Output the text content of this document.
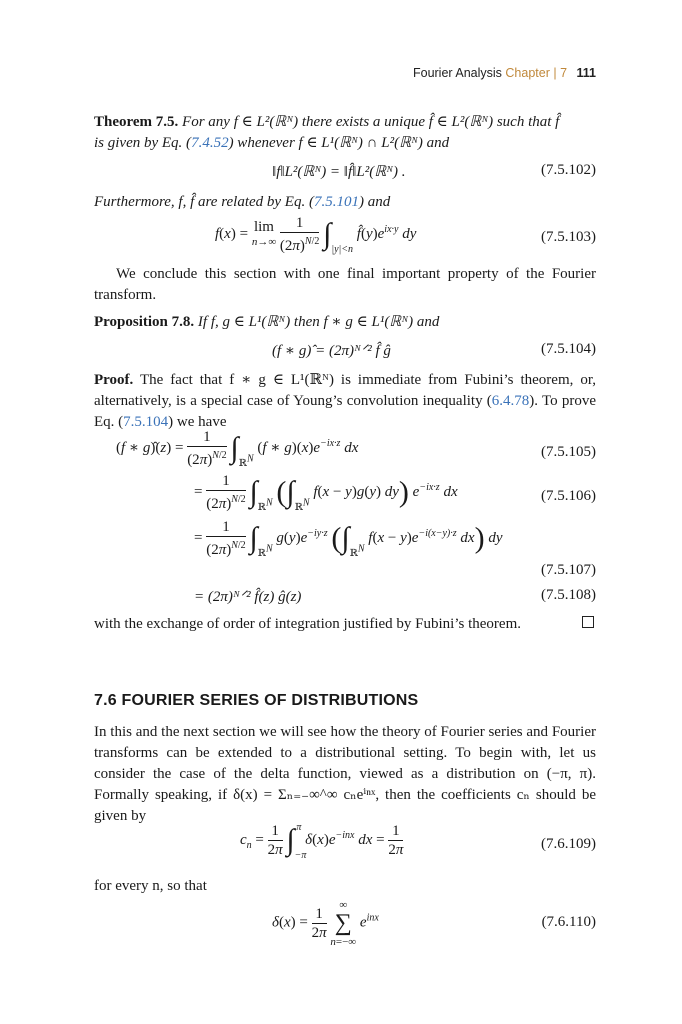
Fourier Analysis Chapter | 7 111
Theorem 7.5. For any f ∈ L²(ℝᴺ) there exists a unique f̂ ∈ L²(ℝᴺ) such that f̂
is given by Eq. (7.4.52) whenever f ∈ L¹(ℝᴺ) ∩ L²(ℝᴺ) and
‖f‖L²(ℝᴺ) = ‖f̂‖L²(ℝᴺ) .	(7.5.102)
Furthermore, f, f̂ are related by Eq. (7.5.101) and
f(x) = lim
$n\to\infty \frac{1}{(2\pi)^{N/2}} \int_{|y|<n}$ $f̂(y)e^{ix\cdot y}$ dy	(7.5.103)
We conclude this section with one final important property of the Fourier transform.
Proposition 7.8. If f, g ∈ L¹(ℝᴺ) then f ∗ g ∈ L¹(ℝᴺ) and
(f ∗ g)̂ = (2π)ᴺᐟ² f̂ ĝ	(7.5.104)
Proof. The fact that f ∗ g ∈ L¹(ℝᴺ) is immediate from Fubini’s theorem, or, alternatively, is a special case of Young’s convolution inequality (6.4.78). To prove Eq. (7.5.104) we have
(f ∗ g)̂(z) = $\frac{1}{(2\pi)^{N/2}} \int_{ℝ^N}$ (f ∗ $g)(x)e^{-ix\cdot z}$ dx	(7.5.105)
= $\frac{1}{(2\pi)^{N/2}} \int_{ℝ^N}$ ($\int_{ℝ^N}$ f(x − y)g(y) dy) $e^{-ix\cdot z}$ dx	(7.5.106)
= $\frac{1}{(2\pi)^{N/2}} \int_{ℝ^N}$ $g(y)e^{-iy\cdot z}$ ($\int_{ℝ^N}$ $f(x - y)e^{-i(x-y)\cdot z}$ dx) dy
(7.5.107)
= (2π)ᴺᐟ² f̂(z) ĝ(z)	(7.5.108)
with the exchange of order of integration justified by Fubini’s theorem.
7.6 FOURIER SERIES OF DISTRIBUTIONS
In this and the next section we will see how the theory of Fourier series and Fourier transforms can be extended to a distributional setting. To begin with, let us consider the case of the delta function, viewed as a distribution on (−π, π). Formally speaking, if δ(x) = Σₙ₌₋∞^∞ cₙeⁱⁿˣ, then the coefficients cₙ should be given by
$c_n = \frac{1}{2\pi} \int_{-\pi}^\pi$ $\delta(x)e^{-inx}$ dx = $\frac{1}{2\pi}$	(7.6.109)
for every n, so that
$\delta(x) = \frac{1}{2\pi}$ ∞
∑
n=−∞ $e^{inx}$	(7.6.110)
